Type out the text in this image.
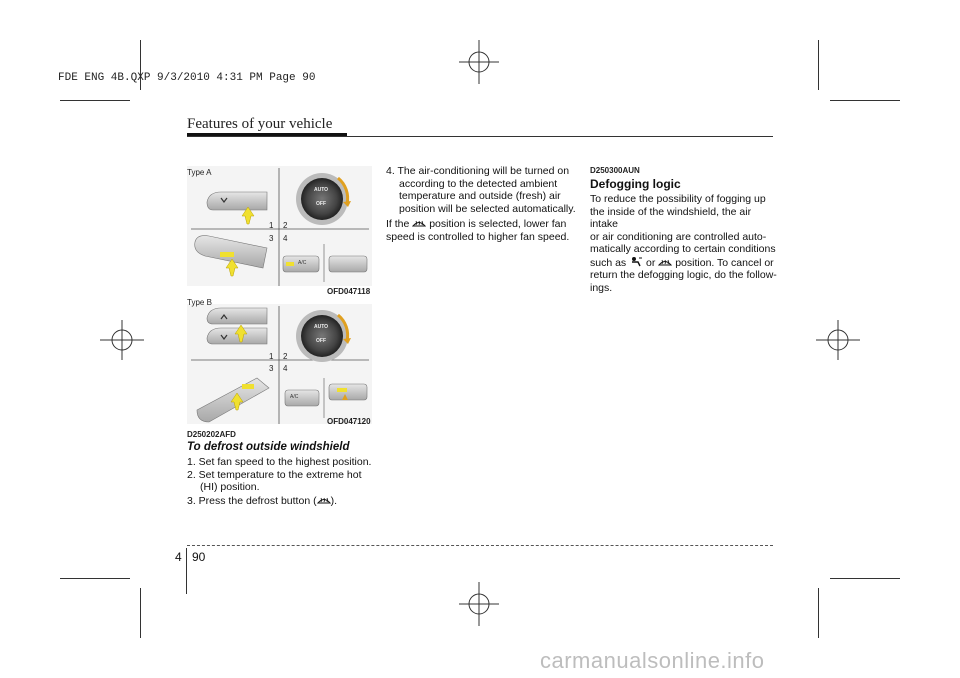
FDE ENG 4B.QXP 9/3/2010 4:31 PM Page 90
Features of your vehicle
Type A
1 2
3 4
AUTO
OFF
A/C
OFD047118
Type B
1 2
3 4
AUTO
OFF
A/C
OFD047120
D250202AFD
To defrost outside windshield
1. Set fan speed to the highest position.
2. Set temperature to the extreme hot
(HI) position.
3. Press the defrost button ( ).
4. The air-conditioning will be turned on
according to the detected ambient
temperature and outside (fresh) air
position will be selected automatically.
If the position is selected, lower fan
speed is controlled to higher fan speed.
D250300AUN
Defogging logic
To reduce the possibility of fogging up
the inside of the windshield, the air intake
or air conditioning are controlled auto-
matically according to certain conditions
such as or position. To cancel or
return the defogging logic, do the follow-
ings.
4 90
carmanualsonline.info
